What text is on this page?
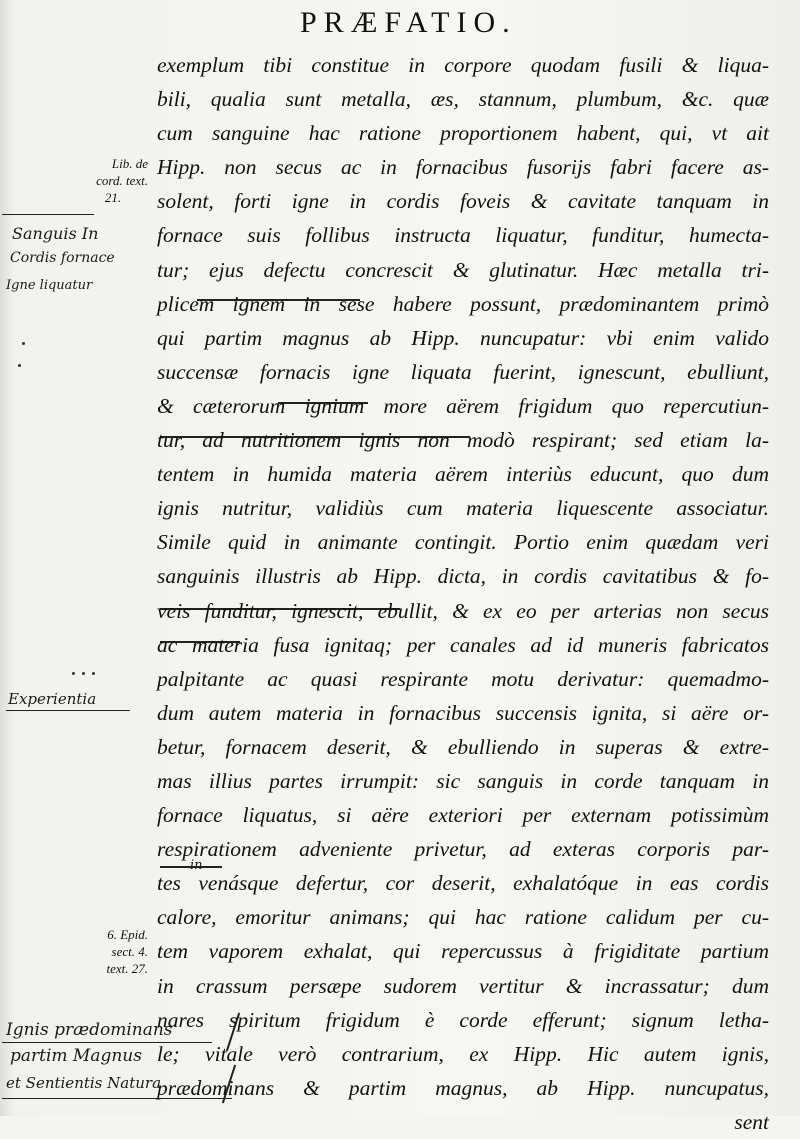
PRÆFATIO.
Lib. de
cord. text.
21.
6. Epid.
sect. 4.
text. 27.
Sanguis In
Cordis fornace
Igne liquatur
Experientia
Ignis prædominans
partim Magnus
et Sentientis Natura
exemplum tibi constitue in corpore quodam fusili & liqua-
bili, qualia sunt metalla, æs, stannum, plumbum, &c. quæ
cum sanguine hac ratione proportionem habent, qui, vt ait
Hipp. non secus ac in fornacibus fusorijs fabri facere as-
solent, forti igne in cordis foveis & cavitate tanquam in
fornace suis follibus instructa liquatur, funditur, humecta-
tur; ejus defectu concrescit & glutinatur. Hæc metalla tri-
plicem ignem in sese habere possunt, prædominantem primò
qui partim magnus ab Hipp. nuncupatur: vbi enim valido
succensæ fornacis igne liquata fuerint, ignescunt, ebulliunt,
& cæterorum ignium more aërem frigidum quo repercutiun-
tur, ad nutritionem ignis non modò respirant; sed etiam la-
tentem in humida materia aërem interiùs educunt, quo dum
ignis nutritur, validiùs cum materia liquescente associatur.
Simile quid in animante contingit. Portio enim quædam veri
sanguinis illustris ab Hipp. dicta, in cordis cavitatibus & fo-
veis funditur, ignescit, ebullit, & ex eo per arterias non secus
ac materia fusa ignitaq; per canales ad id muneris fabricatos
palpitante ac quasi respirante motu derivatur: quemadmo-
dum autem materia in fornacibus succensis ignita, si aëre or-
betur, fornacem deserit, & ebulliendo in superas & extre-
mas illius partes irrumpit: sic sanguis in corde tanquam in
fornace liquatus, si aëre exteriori per externam potissimùm
respirationem adveniente privetur, ad exteras corporis par-
tes venásque defertur, cor deserit, exhalatóque in eas cordis
calore, emoritur animans; qui hac ratione calidum per cu-
tem vaporem exhalat, qui repercussus à frigiditate partium
in crassum persæpe sudorem vertitur & incrassatur; dum
nares spiritum frigidum è corde efferunt; signum letha-
le; vitale verò contrarium, ex Hipp. Hic autem ignis,
prædominans & partim magnus, ab Hipp. nuncupatus,
sent
